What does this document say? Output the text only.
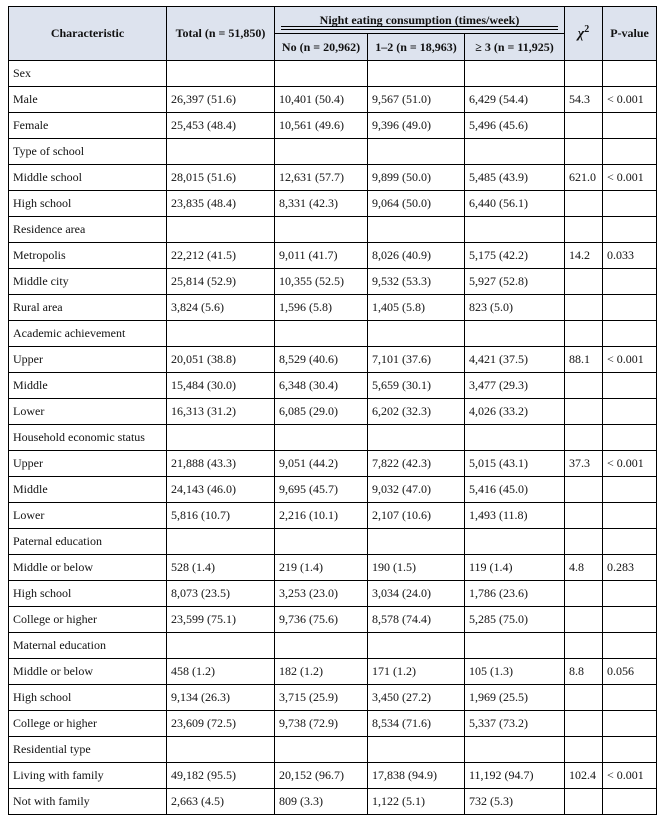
Characteristic	Total (n = 51,850)	Night eating consumption (times/week)			$\chi^2$	P-value
		No (n = 20,962)	1–2 (n = 18,963)	≥ 3 (n = 11,925)		
Sex						
Male	26,397 (51.6)	10,401 (50.4)	9,567 (51.0)	6,429 (54.4)	54.3	< 0.001
Female	25,453 (48.4)	10,561 (49.6)	9,396 (49.0)	5,496 (45.6)		
Type of school						
Middle school	28,015 (51.6)	12,631 (57.7)	9,899 (50.0)	5,485 (43.9)	621.0	< 0.001
High school	23,835 (48.4)	8,331 (42.3)	9,064 (50.0)	6,440 (56.1)		
Residence area						
Metropolis	22,212 (41.5)	9,011 (41.7)	8,026 (40.9)	5,175 (42.2)	14.2	0.033
Middle city	25,814 (52.9)	10,355 (52.5)	9,532 (53.3)	5,927 (52.8)		
Rural area	3,824 (5.6)	1,596 (5.8)	1,405 (5.8)	823 (5.0)		
Academic achievement						
Upper	20,051 (38.8)	8,529 (40.6)	7,101 (37.6)	4,421 (37.5)	88.1	< 0.001
Middle	15,484 (30.0)	6,348 (30.4)	5,659 (30.1)	3,477 (29.3)		
Lower	16,313 (31.2)	6,085 (29.0)	6,202 (32.3)	4,026 (33.2)		
Household economic status						
Upper	21,888 (43.3)	9,051 (44.2)	7,822 (42.3)	5,015 (43.1)	37.3	< 0.001
Middle	24,143 (46.0)	9,695 (45.7)	9,032 (47.0)	5,416 (45.0)		
Lower	5,816 (10.7)	2,216 (10.1)	2,107 (10.6)	1,493 (11.8)		
Paternal education						
Middle or below	528 (1.4)	219 (1.4)	190 (1.5)	119 (1.4)	4.8	0.283
High school	8,073 (23.5)	3,253 (23.0)	3,034 (24.0)	1,786 (23.6)		
College or higher	23,599 (75.1)	9,736 (75.6)	8,578 (74.4)	5,285 (75.0)		
Maternal education						
Middle or below	458 (1.2)	182 (1.2)	171 (1.2)	105 (1.3)	8.8	0.056
High school	9,134 (26.3)	3,715 (25.9)	3,450 (27.2)	1,969 (25.5)		
College or higher	23,609 (72.5)	9,738 (72.9)	8,534 (71.6)	5,337 (73.2)		
Residential type						
Living with family	49,182 (95.5)	20,152 (96.7)	17,838 (94.9)	11,192 (94.7)	102.4	< 0.001
Not with family	2,663 (4.5)	809 (3.3)	1,122 (5.1)	732 (5.3)		
